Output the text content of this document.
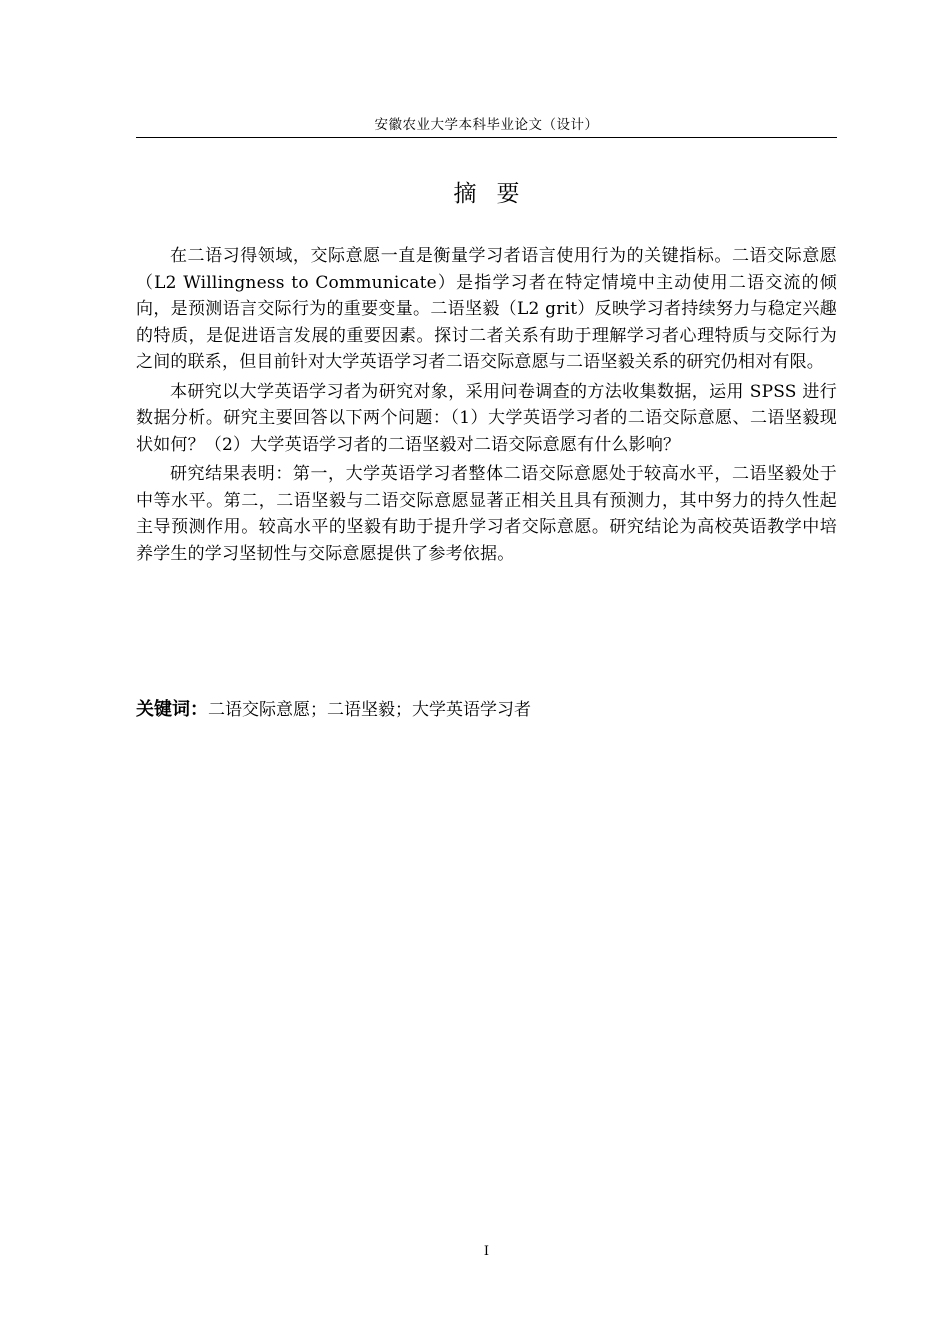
安徽农业大学本科毕业论文（设计）
摘要

在二语习得领域，交际意愿一直是衡量学习者语言使用行为的关键指标。二语交际意愿（L2 Willingness to Communicate）是指学习者在特定情境中主动使用二语交流的倾向，是预测语言交际行为的重要变量。二语坚毅（L2 grit）反映学习者持续努力与稳定兴趣的特质，是促进语言发展的重要因素。探讨二者关系有助于理解学习者心理特质与交际行为之间的联系，但目前针对大学英语学习者二语交际意愿与二语坚毅关系的研究仍相对有限。

本研究以大学英语学习者为研究对象，采用问卷调查的方法收集数据，运用 SPSS 进行数据分析。研究主要回答以下两个问题：（1）大学英语学习者的二语交际意愿、二语坚毅现状如何？（2）大学英语学习者的二语坚毅对二语交际意愿有什么影响？

研究结果表明：第一，大学英语学习者整体二语交际意愿处于较高水平，二语坚毅处于中等水平。第二，二语坚毅与二语交际意愿显著正相关且具有预测力，其中努力的持久性起主导预测作用。较高水平的坚毅有助于提升学习者交际意愿。研究结论为高校英语教学中培养学生的学习坚韧性与交际意愿提供了参考依据。

关键词：二语交际意愿；二语坚毅；大学英语学习者
I
